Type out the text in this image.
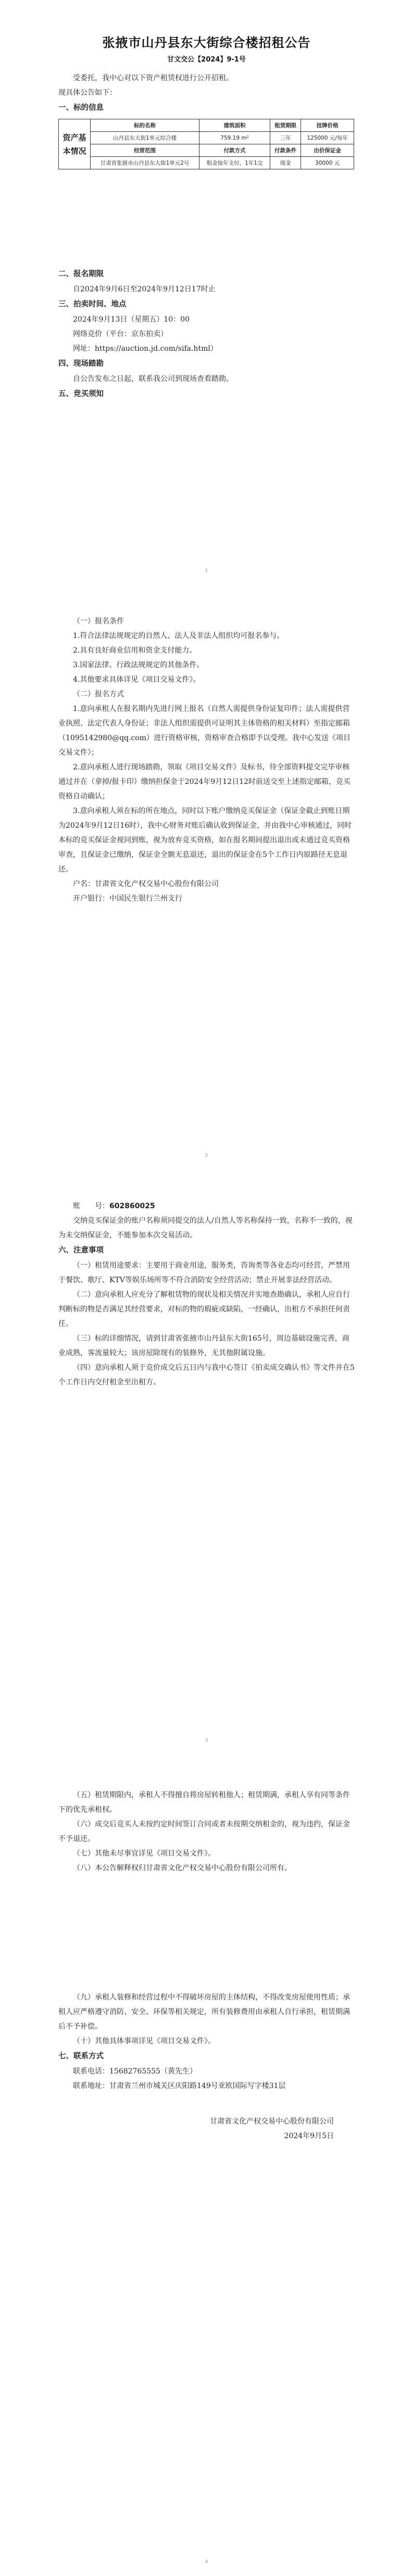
张掖市山丹县东大街综合楼招租公告
甘文交公【2024】9-1号

受委托，我中心对以下资产租赁权进行公开招租。

现具体公告如下：

一、标的信息
资产基本情况	标的名称	建筑面积	租赁期限	挂牌价格
	山丹县东大街1单元综合楼	759.19 m²	三年	125000 元/每年
	经营范围	付款方式	付款条件	出价保证金
	甘肃省张掖市山丹县东大街1单元2号	租金按年支付，1年1交	现金	30000 元
二、报名期限

自2024年9月6日至2024年9月12日17时止

三、拍卖时间、地点

2024年9月13日（星期五）10：00

网络竞价（平台：京东拍卖）

网址：https://auction.jd.com/sifa.html）

四、现场踏勘

自公告发布之日起，联系我公司到现场查看踏勘。

五、竞买须知
1

（一）报名条件

1.符合法律法规规定的自然人、法人及非法人组织均可报名参与。

2.具有良好商业信用和资金支付能力。

3.国家法律、行政法规规定的其他条件。

4.其他要求具体详见《项目交易文件》。

（二）报名方式

1.意向承租人在报名期内先进行网上报名（自然人需提供身份证复印件；法人需提供营业执照、法定代表人身份证；非法人组织需提供可证明其主体资格的相关材料）至指定邮箱（1095142980@qq.com）进行资格审核，资格审查合格即予以受理。我中心发送《项目交易文件》；

2.意向承租人进行现场踏勘，领取《项目交易文件》及标书，待全部资料提交完毕审核通过并在（拿掉/报卡印）缴纳担保金于2024年9月12日12时前送交至上述指定邮箱，竞买资格自动确认；

3.意向承租人须在标的所在地点，同时以下账户缴纳竞买保证金（保证金截止到账日期为2024年9月12日16时），我中心财务对账后确认收到保证金，并由我中心审核通过，同时本标的竞买保证金视同到账，视为放弃竞买资格，如在报名期间提出退出或未通过竞买资格审查，且保证金已缴纳，保证金全额无息退还，退出的保证金在5个工作日内原路径无息退还。

户名：甘肃省文化产权交易中心股份有限公司

开户银行：中国民生银行兰州支行

2

账　　号：602860025

交纳竞买保证金的账户名称须同提交的法人/自然人等名称保持一致，名称不一致的，视为未交纳保证金，不能参加本次交易活动。

六、注意事项

（一）租赁用途要求：主要用于商业用途，服务类，咨询类等各业态均可经营，严禁用于餐饮、歌厅、KTV等娱乐场所等不符合消防安全经营活动；禁止开展非法经营活动。

（二）意向承租人应充分了解租赁物的现状及相关情况并实地查勘确认，承租人应自行判断标的物是否满足其经营要求，对标的物的瑕疵或缺陷，一经确认，出租方不承担任何责任。

（三）标的详细情况，请到甘肃省张掖市山丹县东大街165号，周边基础设施完善，商业成熟，客流量较大；该房屋除现有的装修外，无其他附属设施。

（四）意向承租人须于竞价成交后五日内与我中心签订《拍卖成交确认书》等文件并在5个工作日内交付租金至出租方。

3

（五）租赁期限内，承租人不得擅自将房屋转租他人；租赁期满，承租人享有同等条件下的优先承租权。

（六）成交后竞买人未按约定时间签订合同或者未按期交纳租金的，视为违约，保证金不予退还。

（七）其他未尽事宜详见《项目交易文件》。

（八）本公告解释权归甘肃省文化产权交易中心股份有限公司所有。

（九）承租人装修和经营过程中不得破坏房屋的主体结构，不得改变房屋使用性质；承租人应严格遵守消防、安全、环保等相关规定，所有装修费用由承租人自行承担，租赁期满后不予补偿。

（十）其他具体事项详见《项目交易文件》。

七、联系方式

联系电话：15682765555（黄先生）

联系地址：甘肃省兰州市城关区庆阳路149号亚欧国际写字楼31层

甘肃省文化产权交易中心股份有限公司

2024年9月5日

4
